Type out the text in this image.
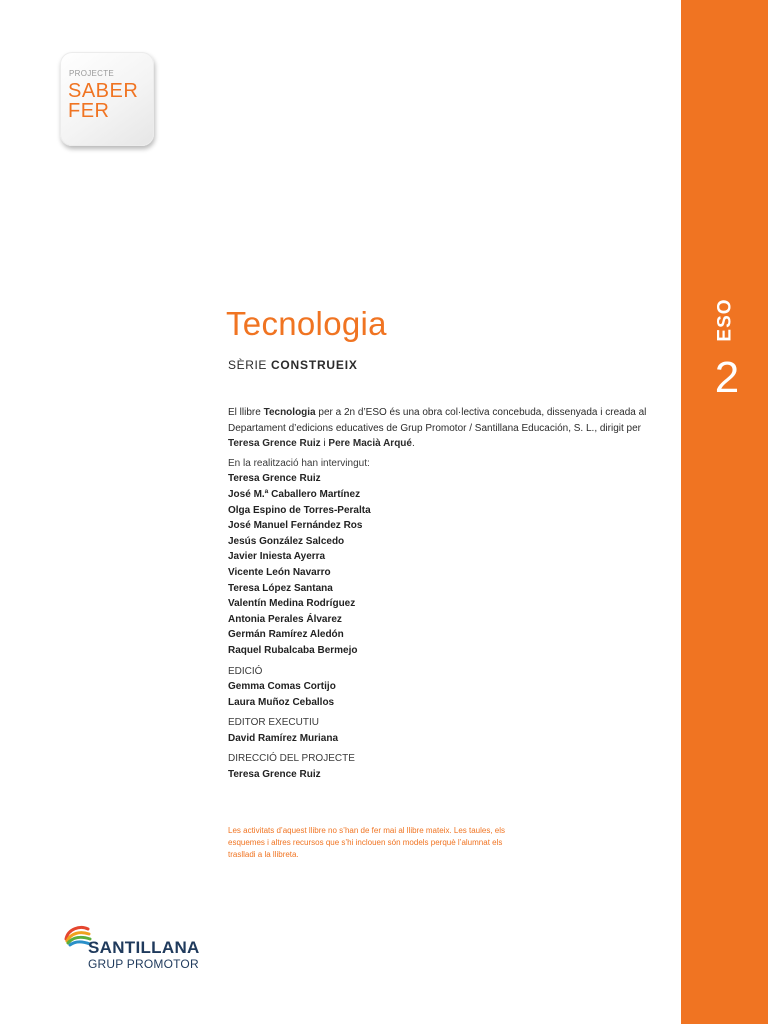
PROJECTE
SABER
FER
ESO
2
Tecnologia
SÈRIE CONSTRUEIX

El llibre Tecnologia per a 2n d’ESO és una obra col·lectiva concebuda, dissenyada i creada al Departament d’edicions educatives de Grup Promotor / Santillana Educación, S. L., dirigit per Teresa Grence Ruiz i Pere Macià Arqué.

En la realització han intervingut:

Teresa Grence Ruiz

José M.ª Caballero Martínez

Olga Espino de Torres-Peralta

José Manuel Fernández Ros

Jesús González Salcedo

Javier Iniesta Ayerra

Vicente León Navarro

Teresa López Santana

Valentín Medina Rodríguez

Antonia Perales Álvarez

Germán Ramírez Aledón

Raquel Rubalcaba Bermejo

EDICIÓ

Gemma Comas Cortijo

Laura Muñoz Ceballos

EDITOR EXECUTIU

David Ramírez Muriana

DIRECCIÓ DEL PROJECTE

Teresa Grence Ruiz

Les activitats d’aquest llibre no s’han de fer mai al llibre mateix. Les taules, els esquemes i altres recursos que s’hi inclouen són models perquè l’alumnat els traslladi a la llibreta.
SANTILLANA
GRUP PROMOTOR
